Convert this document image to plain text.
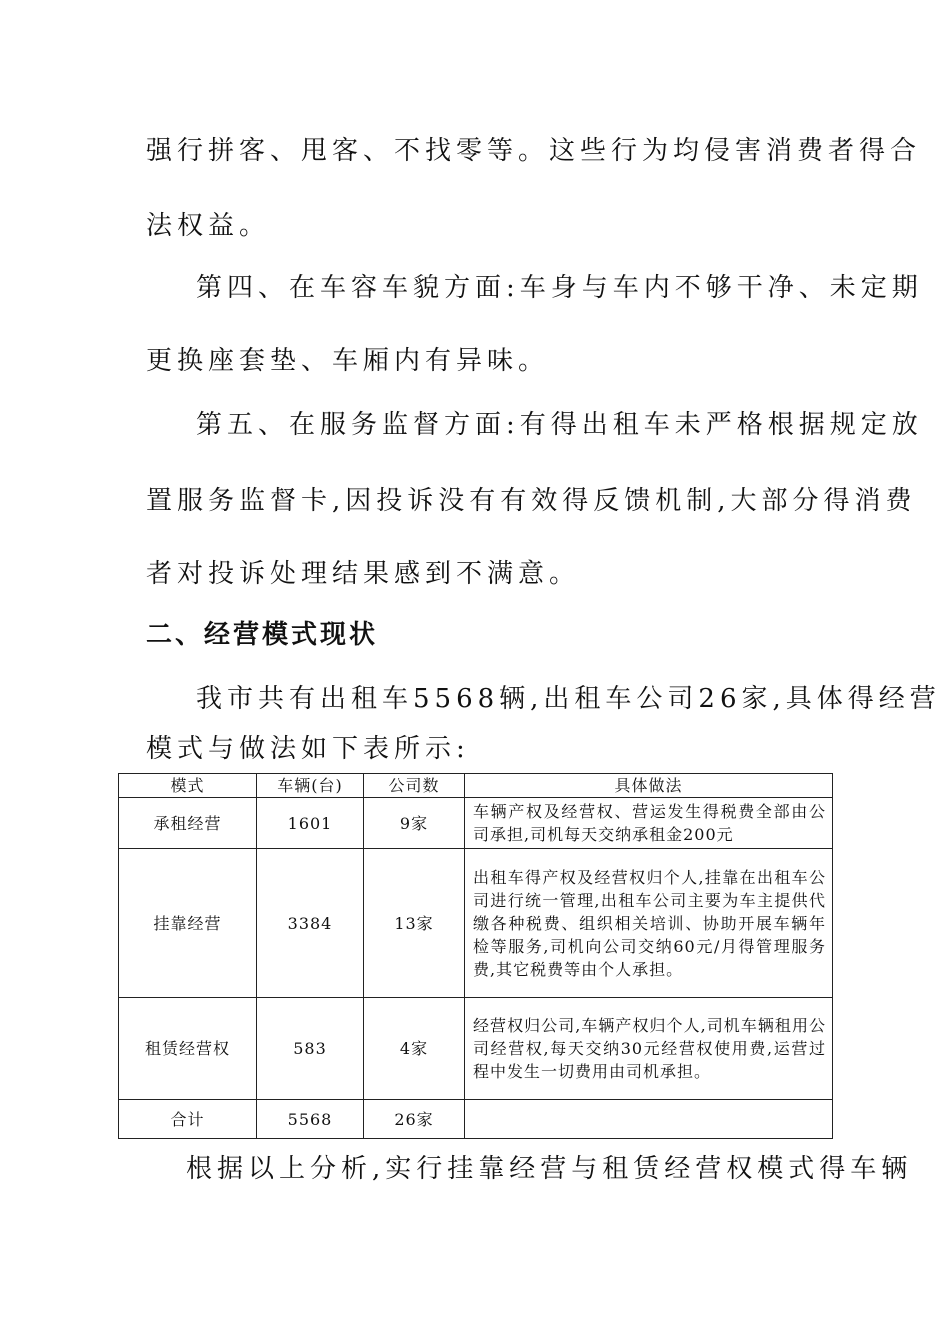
强行拼客、甩客、不找零等。这些行为均侵害消费者得合
法权益。
第四、在车容车貌方面:车身与车内不够干净、未定期
更换座套垫、车厢内有异味。
第五、在服务监督方面:有得出租车未严格根据规定放
置服务监督卡,因投诉没有有效得反馈机制,大部分得消费
者对投诉处理结果感到不满意。
二、经营模式现状
我市共有出租车5568辆,出租车公司26家,具体得经营
模式与做法如下表所示:
模式	车辆(台)	公司数	具体做法
承租经营	1601	9家	车辆产权及经营权、营运发生得税费全部由公司承担,司机每天交纳承租金200元
挂靠经营	3384	13家	出租车得产权及经营权归个人,挂靠在出租车公司进行统一管理,出租车公司主要为车主提供代缴各种税费、组织相关培训、协助开展车辆年检等服务,司机向公司交纳60元/月得管理服务费,其它税费等由个人承担。
租赁经营权	583	4家	经营权归公司,车辆产权归个人,司机车辆租用公司经营权,每天交纳30元经营权使用费,运营过程中发生一切费用由司机承担。
合计	5568	26家	
根据以上分析,实行挂靠经营与租赁经营权模式得车辆
